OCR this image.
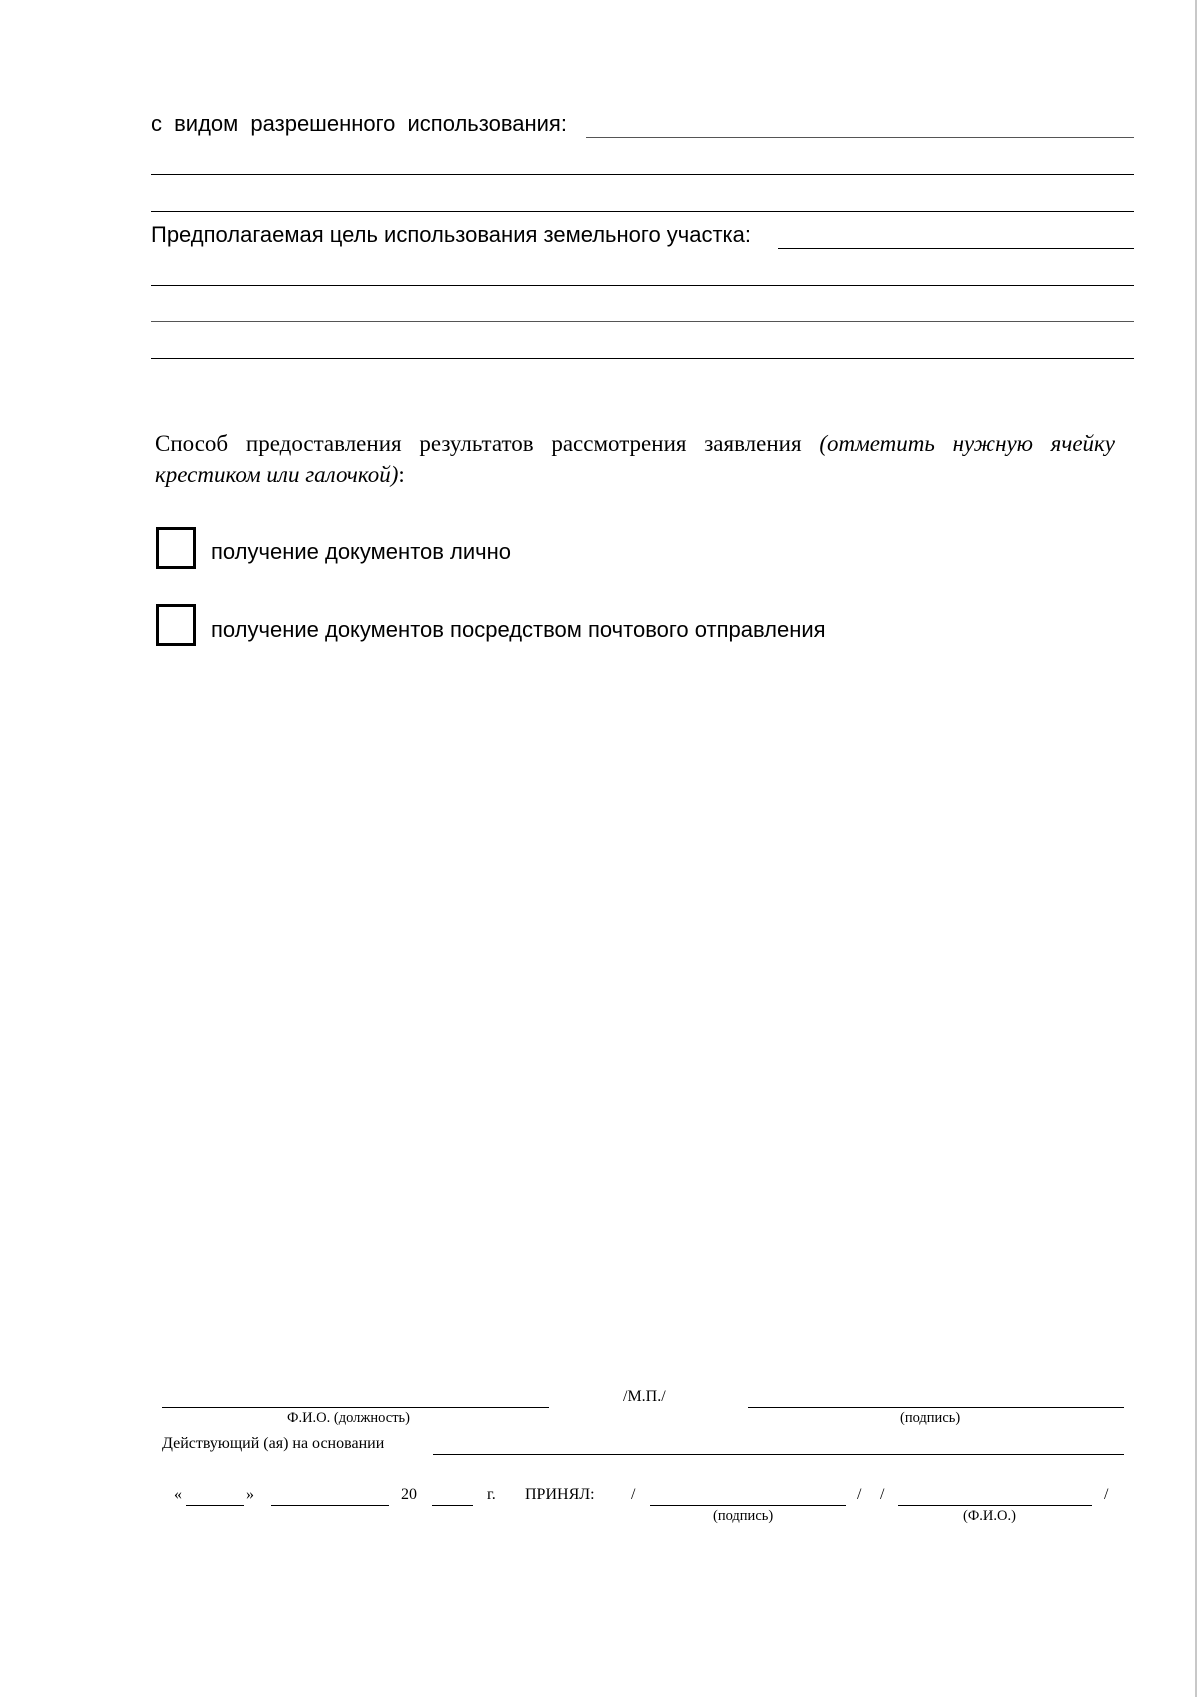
с видом разрешенного использования:
Предполагаемая цель использования земельного участка:
Способ предоставления результатов рассмотрения заявления (отметить нужную ячейку крестиком или галочкой):
получение документов лично
получение документов посредством почтового отправления
Ф.И.О. (должность)
/М.П./
(подпись)
Действующий (ая) на основании
«	»	20	г. ПРИНЯЛ: /
(подпись)
/ /
(Ф.И.О.)
/
